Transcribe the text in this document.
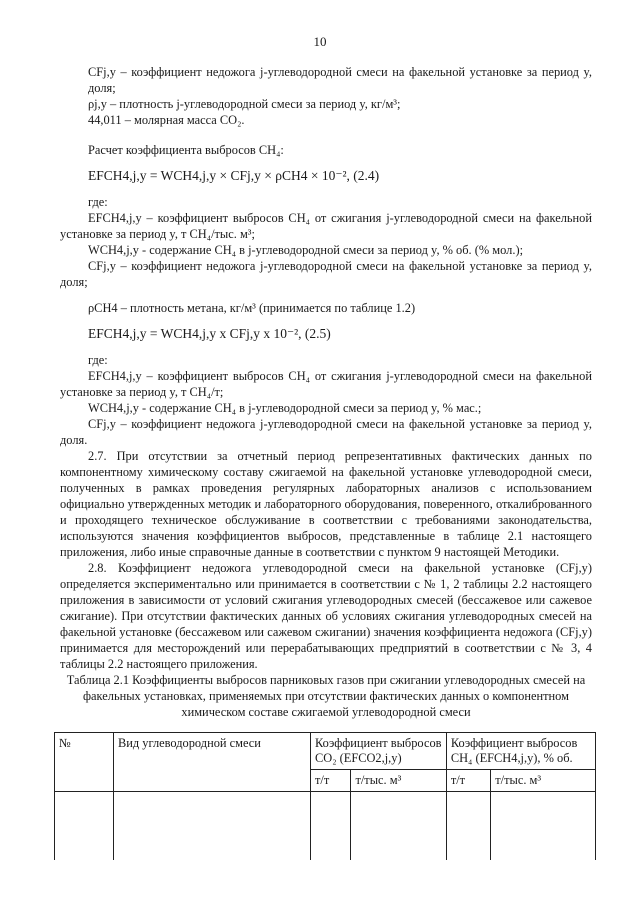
10

CFj,y – коэффициент недожога j-углеводородной смеси на факельной установке за период y, доля;

ρj,y – плотность j-углеводородной смеси за период y, кг/м³;

44,011 – молярная масса CO₂.

Расчет коэффициента выбросов CH₄:

EFCH4,j,y = WCH4,j,y × CFj,y × ρCH4 × 10⁻², (2.4)

где:

EFCH4,j,y – коэффициент выбросов CH₄ от сжигания j-углеводородной смеси на факельной установке за период y, т CH₄/тыс. м³;

WCH4,j,y - содержание CH₄ в j-углеводородной смеси за период y, % об. (% мол.);

CFj,y – коэффициент недожога j-углеводородной смеси на факельной установке за период y, доля;

ρCH4 – плотность метана, кг/м³ (принимается по таблице 1.2)

EFCH4,j,y = WCH4,j,y x CFj,y x 10⁻², (2.5)

где:

EFCH4,j,y – коэффициент выбросов CH₄ от сжигания j-углеводородной смеси на факельной установке за период y, т CH₄/т;

WCH4,j,y - содержание CH₄ в j-углеводородной смеси за период y, % мас.;

CFj,y – коэффициент недожога j-углеводородной смеси на факельной установке за период y, доля.

2.7. При отсутствии за отчетный период репрезентативных фактических данных по компонентному химическому составу сжигаемой на факельной установке углеводородной смеси, полученных в рамках проведения регулярных лабораторных анализов с использованием официально утвержденных методик и лабораторного оборудования, поверенного, откалиброванного и проходящего техническое обслуживание в соответствии с требованиями законодательства, используются значения коэффициентов выбросов, представленные в таблице 2.1 настоящего приложения, либо иные справочные данные в соответствии с пунктом 9 настоящей Методики.

2.8. Коэффициент недожога углеводородной смеси на факельной установке (CFj,y) определяется экспериментально или принимается в соответствии с № 1, 2 таблицы 2.2 настоящего приложения в зависимости от условий сжигания углеводородных смесей (бессажевое или сажевое сжигание). При отсутствии фактических данных об условиях сжигания углеводородных смесей на факельной установке (бессажевом или сажевом сжигании) значения коэффициента недожога (CFj,y) принимается для месторождений или перерабатывающих предприятий в соответствии с № 3, 4 таблицы 2.2 настоящего приложения.

Таблица 2.1 Коэффициенты выбросов парниковых газов при сжигании углеводородных смесей на факельных установках, применяемых при отсутствии фактических данных о компонентном химическом составе сжигаемой углеводородной смеси

№	Вид углеводородной смеси	Коэффициент выбросов CO₂ (EFCO2,j,y)		Коэффициент выбросов CH₄ (EFCH4,j,y), % об.	
		т/т	т/тыс. м³	т/т	т/тыс. м³
